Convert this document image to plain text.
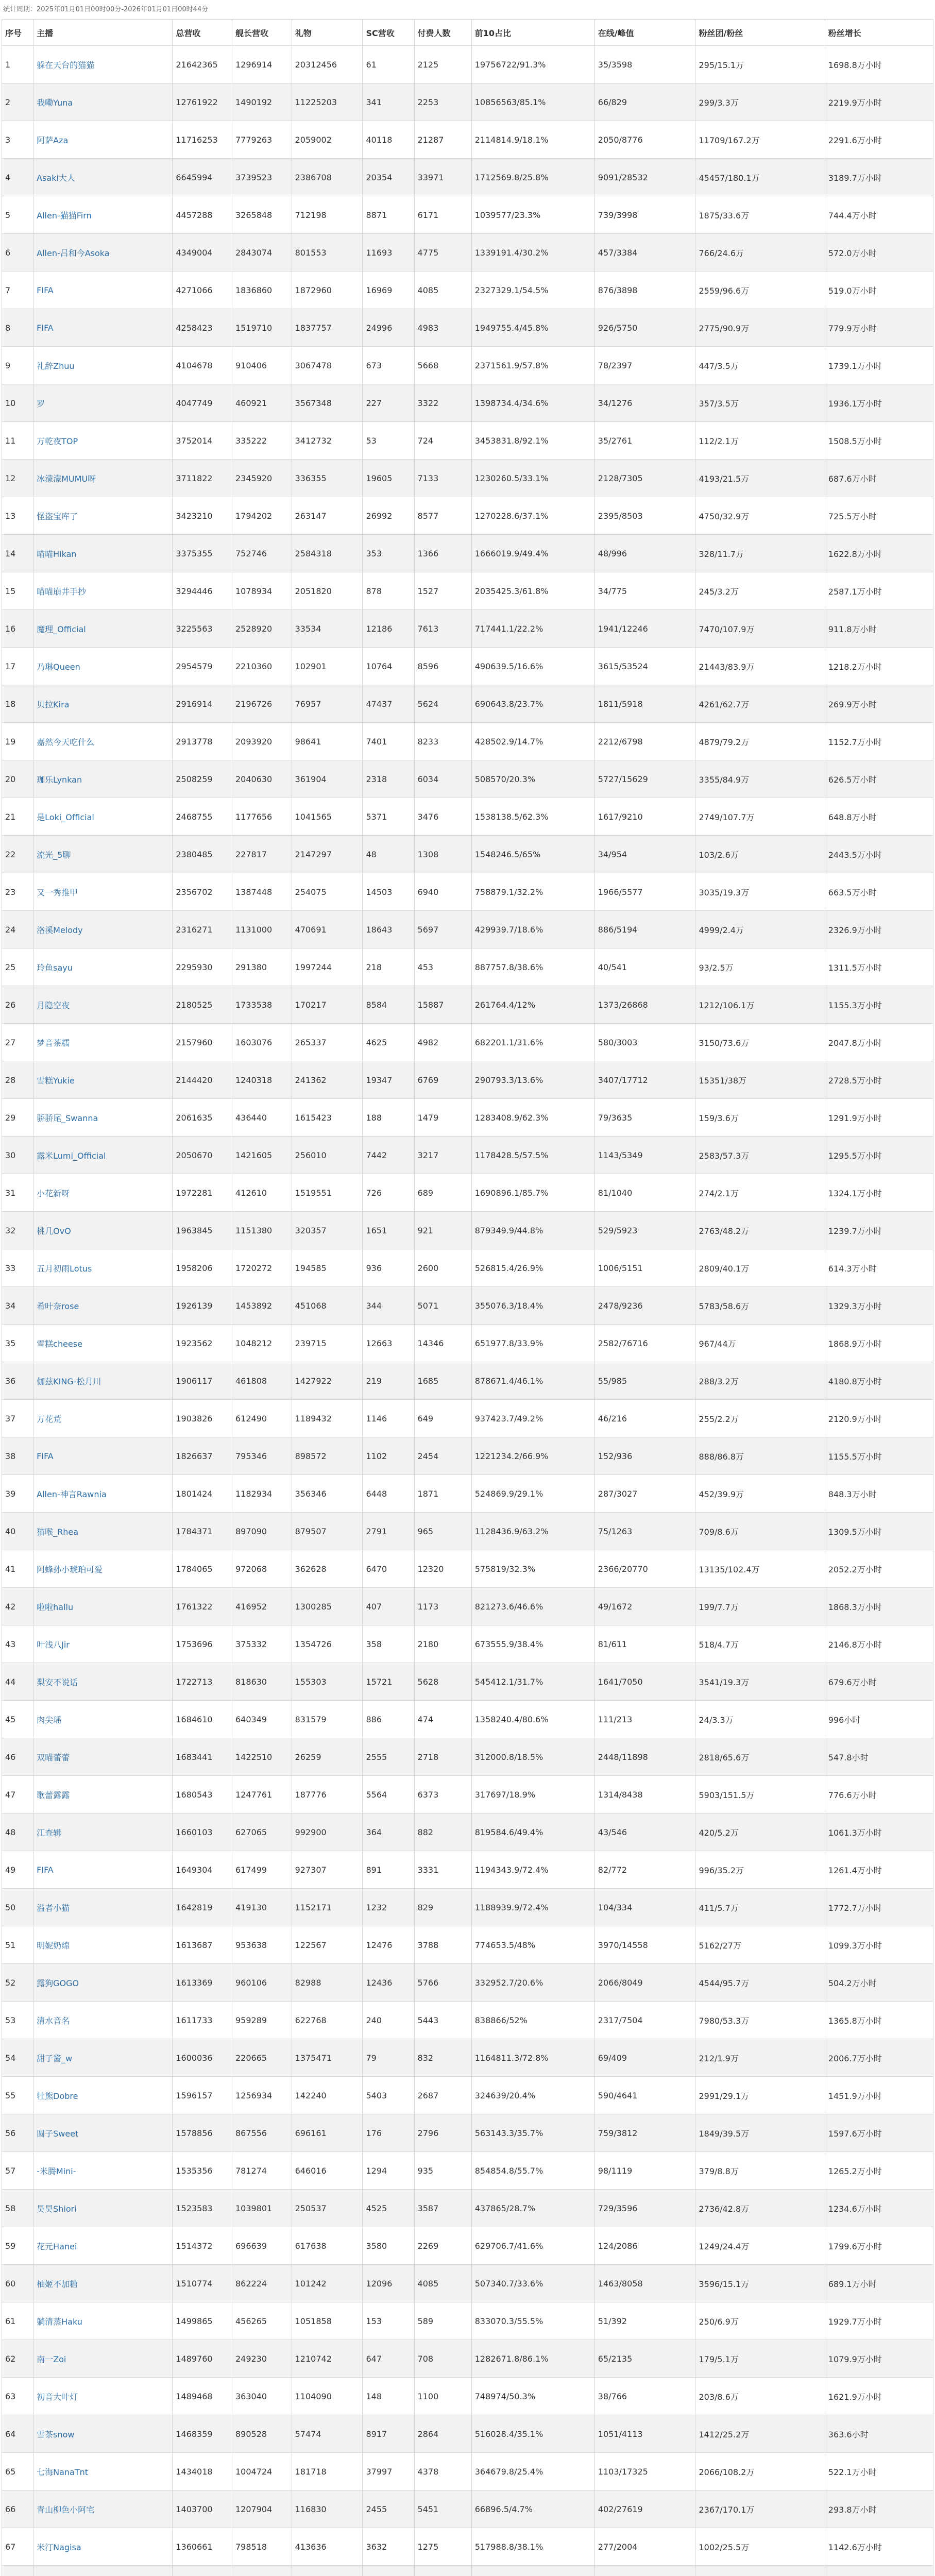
统计周期：2025年01月01日00时00分-2026年01月01日00时44分
序号	主播	总营收	舰长营收	礼物	SC营收	付费人数	前10占比	在线/峰值	粉丝团/粉丝	粉丝增长
1	躲在天台的猫猫	21642365	1296914	20312456	61	2125	19756722/91.3%	35/3598	295/15.1万	1698.8万小时
2	我嘞Yuna	12761922	1490192	11225203	341	2253	10856563/85.1%	66/829	299/3.3万	2219.9万小时
3	阿萨Aza	11716253	7779263	2059002	40118	21287	2114814.9/18.1%	2050/8776	11709/167.2万	2291.6万小时
4	Asaki大人	6645994	3739523	2386708	20354	33971	1712569.8/25.8%	9091/28532	45457/180.1万	3189.7万小时
5	Allen-猫猫Firn	4457288	3265848	712198	8871	6171	1039577/23.3%	739/3998	1875/33.6万	744.4万小时
6	Allen-吕和今Asoka	4349004	2843074	801553	11693	4775	1339191.4/30.2%	457/3384	766/24.6万	572.0万小时
7	FIFA	4271066	1836860	1872960	16969	4085	2327329.1/54.5%	876/3898	2559/96.6万	519.0万小时
8	FIFA	4258423	1519710	1837757	24996	4983	1949755.4/45.8%	926/5750	2775/90.9万	779.9万小时
9	礼辞Zhuu	4104678	910406	3067478	673	5668	2371561.9/57.8%	78/2397	447/3.5万	1739.1万小时
10	罗	4047749	460921	3567348	227	3322	1398734.4/34.6%	34/1276	357/3.5万	1936.1万小时
11	万乾夜TOP	3752014	335222	3412732	53	724	3453831.8/92.1%	35/2761	112/2.1万	1508.5万小时
12	冰濛濛MUMU呀	3711822	2345920	336355	19605	7133	1230260.5/33.1%	2128/7305	4193/21.5万	687.6万小时
13	怪盗宝库了	3423210	1794202	263147	26992	8577	1270228.6/37.1%	2395/8503	4750/32.9万	725.5万小时
14	喵喵Hikan	3375355	752746	2584318	353	1366	1666019.9/49.4%	48/996	328/11.7万	1622.8万小时
15	喵喵崩井手抄	3294446	1078934	2051820	878	1527	2035425.3/61.8%	34/775	245/3.2万	2587.1万小时
16	魔理_Official	3225563	2528920	33534	12186	7613	717441.1/22.2%	1941/12246	7470/107.9万	911.8万小时
17	乃琳Queen	2954579	2210360	102901	10764	8596	490639.5/16.6%	3615/53524	21443/83.9万	1218.2万小时
18	贝拉Kira	2916914	2196726	76957	47437	5624	690643.8/23.7%	1811/5918	4261/62.7万	269.9万小时
19	嘉然今天吃什么	2913778	2093920	98641	7401	8233	428502.9/14.7%	2212/6798	4879/79.2万	1152.7万小时
20	珈乐Lynkan	2508259	2040630	361904	2318	6034	508570/20.3%	5727/15629	3355/84.9万	626.5万小时
21	是Loki_Official	2468755	1177656	1041565	5371	3476	1538138.5/62.3%	1617/9210	2749/107.7万	648.8万小时
22	流光_5聊	2380485	227817	2147297	48	1308	1548246.5/65%	34/954	103/2.6万	2443.5万小时
23	又一秀推甲	2356702	1387448	254075	14503	6940	758879.1/32.2%	1966/5577	3035/19.3万	663.5万小时
24	洛溪Melody	2316271	1131000	470691	18643	5697	429939.7/18.6%	886/5194	4999/2.4万	2326.9万小时
25	玲鱼sayu	2295930	291380	1997244	218	453	887757.8/38.6%	40/541	93/2.5万	1311.5万小时
26	月隐空夜	2180525	1733538	170217	8584	15887	261764.4/12%	1373/26868	1212/106.1万	1155.3万小时
27	梦音茶糯	2157960	1603076	265337	4625	4982	682201.1/31.6%	580/3003	3150/73.6万	2047.8万小时
28	雪糕Yukie	2144420	1240318	241362	19347	6769	290793.3/13.6%	3407/17712	15351/38万	2728.5万小时
29	骄骄尾_Swanna	2061635	436440	1615423	188	1479	1283408.9/62.3%	79/3635	159/3.6万	1291.9万小时
30	露米Lumi_Official	2050670	1421605	256010	7442	3217	1178428.5/57.5%	1143/5349	2583/57.3万	1295.5万小时
31	小花新呀	1972281	412610	1519551	726	689	1690896.1/85.7%	81/1040	274/2.1万	1324.1万小时
32	桃几OvO	1963845	1151380	320357	1651	921	879349.9/44.8%	529/5923	2763/48.2万	1239.7万小时
33	五月初雨Lotus	1958206	1720272	194585	936	2600	526815.4/26.9%	1006/5151	2809/40.1万	614.3万小时
34	希叶奈rose	1926139	1453892	451068	344	5071	355076.3/18.4%	2478/9236	5783/58.6万	1329.3万小时
35	雪糕cheese	1923562	1048212	239715	12663	14346	651977.8/33.9%	2582/76716	967/44万	1868.9万小时
36	伽兹KING-松月川	1906117	461808	1427922	219	1685	878671.4/46.1%	55/985	288/3.2万	4180.8万小时
37	万花荒	1903826	612490	1189432	1146	649	937423.7/49.2%	46/216	255/2.2万	2120.9万小时
38	FIFA	1826637	795346	898572	1102	2454	1221234.2/66.9%	152/936	888/86.8万	1155.5万小时
39	Allen-神言Rawnia	1801424	1182934	356346	6448	1871	524869.9/29.1%	287/3027	452/39.9万	848.3万小时
40	猫喉_Rhea	1784371	897090	879507	2791	965	1128436.9/63.2%	75/1263	709/8.6万	1309.5万小时
41	阿蜂孙小琥珀可爱	1784065	972068	362628	6470	12320	575819/32.3%	2366/20770	13135/102.4万	2052.2万小时
42	啦啦hallu	1761322	416952	1300285	407	1173	821273.6/46.6%	49/1672	199/7.7万	1868.3万小时
43	叶浅八Jir	1753696	375332	1354726	358	2180	673555.9/38.4%	81/611	518/4.7万	2146.8万小时
44	梨安不说话	1722713	818630	155303	15721	5628	545412.1/31.7%	1641/7050	3541/19.3万	679.6万小时
45	肉尖瑶	1684610	640349	831579	886	474	1358240.4/80.6%	111/213	24/3.3万	996小时
46	双喵蕾蕾	1683441	1422510	26259	2555	2718	312000.8/18.5%	2448/11898	2818/65.6万	547.8小时
47	歌蕾露露	1680543	1247761	187776	5564	6373	317697/18.9%	1314/8438	5903/151.5万	776.6万小时
48	江查辑	1660103	627065	992900	364	882	819584.6/49.4%	43/546	420/5.2万	1061.3万小时
49	FIFA	1649304	617499	927307	891	3331	1194343.9/72.4%	82/772	996/35.2万	1261.4万小时
50	溢者小猫	1642819	419130	1152171	1232	829	1188939.9/72.4%	104/334	411/5.7万	1772.7万小时
51	明妮奶绵	1613687	953638	122567	12476	3788	774653.5/48%	3970/14558	5162/27万	1099.3万小时
52	露狗GOGO	1613369	960106	82988	12436	5766	332952.7/20.6%	2066/8049	4544/95.7万	504.2万小时
53	清水音名	1611733	959289	622768	240	5443	838866/52%	2317/7504	7980/53.3万	1365.8万小时
54	甜子酱_w	1600036	220665	1375471	79	832	1164811.3/72.8%	69/409	212/1.9万	2006.7万小时
55	牡熊Dobre	1596157	1256934	142240	5403	2687	324639/20.4%	590/4641	2991/29.1万	1451.9万小时
56	圆子Sweet	1578856	867556	696161	176	2796	563143.3/35.7%	759/3812	1849/39.5万	1597.6万小时
57	-米腾Mini-	1535356	781274	646016	1294	935	854854.8/55.7%	98/1119	379/8.8万	1265.2万小时
58	昊昊Shiori	1523583	1039801	250537	4525	3587	437865/28.7%	729/3596	2736/42.8万	1234.6万小时
59	花元Hanei	1514372	696639	617638	3580	2269	629706.7/41.6%	124/2086	1249/24.4万	1799.6万小时
60	柚姬不加糖	1510774	862224	101242	12096	4085	507340.7/33.6%	1463/8058	3596/15.1万	689.1万小时
61	躺清蒸Haku	1499865	456265	1051858	153	589	833070.3/55.5%	51/392	250/6.9万	1929.7万小时
62	南一Zoi	1489760	249230	1210742	647	708	1282671.8/86.1%	65/2135	179/5.1万	1079.9万小时
63	初音大叶灯	1489468	363040	1104090	148	1100	748974/50.3%	38/766	203/8.6万	1621.9万小时
64	雪茶snow	1468359	890528	57474	8917	2864	516028.4/35.1%	1051/4113	1412/25.2万	363.6小时
65	七海NanaTnt	1434018	1004724	181718	37997	4378	364679.8/25.4%	1103/17325	2066/108.2万	522.1万小时
66	青山柳色小阿宅	1403700	1207904	116830	2455	5451	66896.5/4.7%	402/27619	2367/170.1万	293.8万小时
67	米汀Nagisa	1360661	798518	413636	3632	1275	517988.8/38.1%	277/2004	1002/25.5万	1142.6万小时
